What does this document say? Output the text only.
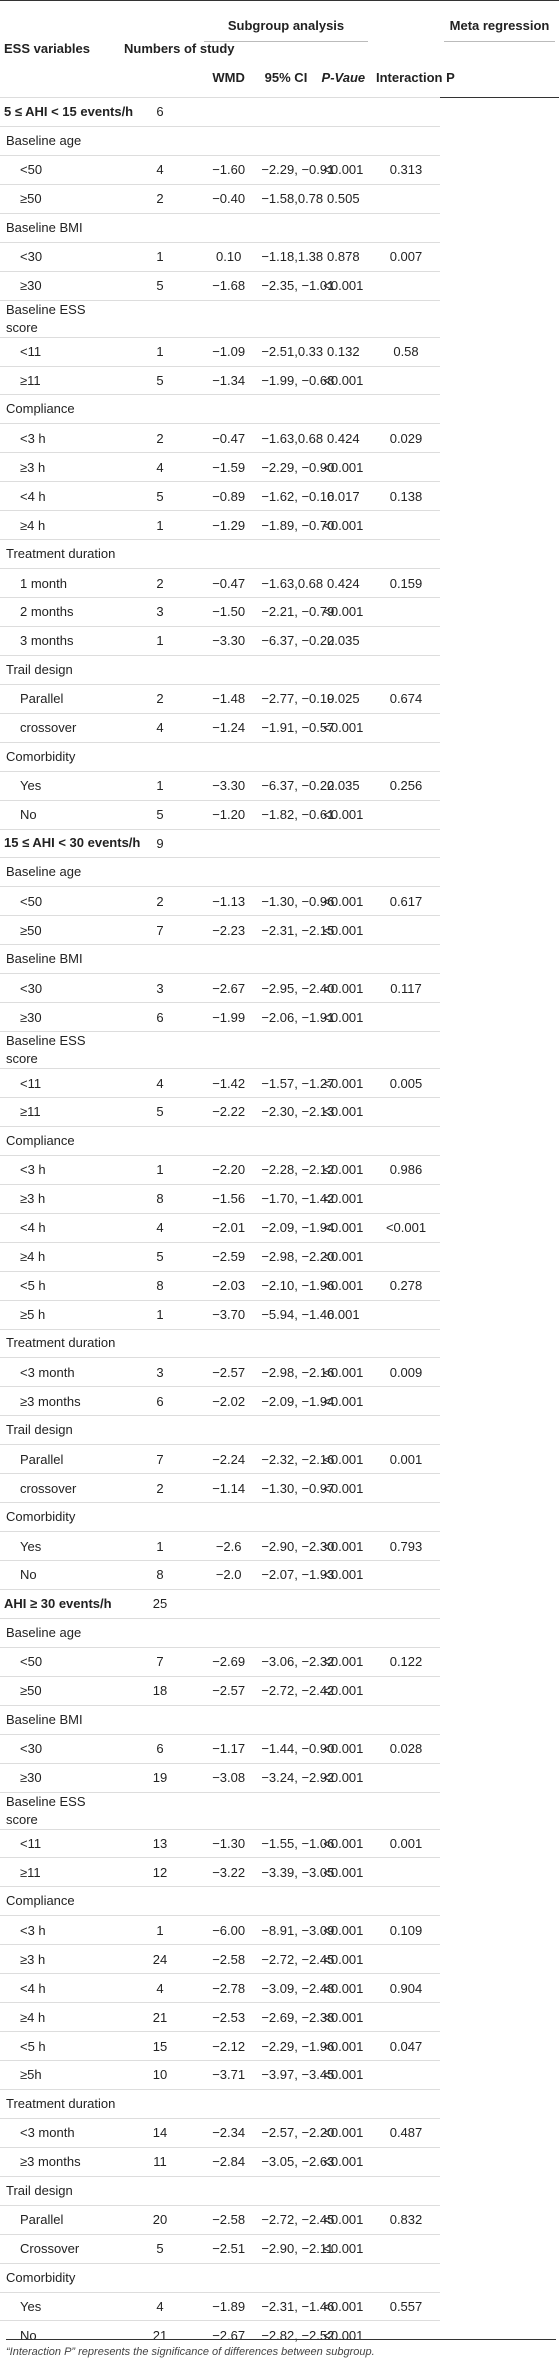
ESS variables	Numbers of study	Subgroup analysis				Meta regression

		WMD	95% CI	P-Vaue	Interaction P	
5 ≤ AHI < 15 events/h	6					
Baseline age						
<50	4	−1.60	−2.29, −0.91	<0.001	0.313	
≥50	2	−0.40	−1.58,0.78	0.505		
Baseline BMI						
<30	1	0.10	−1.18,1.38	0.878	0.007	
≥30	5	−1.68	−2.35, −1.01	<0.001		
Baseline ESS score						
<11	1	−1.09	−2.51,0.33	0.132	0.58	
≥11	5	−1.34	−1.99, −0.68	<0.001		
Compliance						
<3 h	2	−0.47	−1.63,0.68	0.424	0.029	
≥3 h	4	−1.59	−2.29, −0.90	<0.001		
<4 h	5	−0.89	−1.62, −0.16	0.017	0.138	
≥4 h	1	−1.29	−1.89, −0.70	<0.001		
Treatment duration						
1 month	2	−0.47	−1.63,0.68	0.424	0.159	
2 months	3	−1.50	−2.21, −0.79	<0.001		
3 months	1	−3.30	−6.37, −0.22	0.035		
Trail design						
Parallel	2	−1.48	−2.77, −0.19	0.025	0.674	
crossover	4	−1.24	−1.91, −0.57	<0.001		
Comorbidity						
Yes	1	−3.30	−6.37, −0.22	0.035	0.256	
No	5	−1.20	−1.82, −0.61	<0.001		
15 ≤ AHI < 30 events/h	9					
Baseline age						
<50	2	−1.13	−1.30, −0.96	<0.001	0.617	
≥50	7	−2.23	−2.31, −2.15	<0.001		
Baseline BMI						
<30	3	−2.67	−2.95, −2.40	<0.001	0.117	
≥30	6	−1.99	−2.06, −1.91	<0.001		
Baseline ESS score						
<11	4	−1.42	−1.57, −1.27	<0.001	0.005	
≥11	5	−2.22	−2.30, −2.13	<0.001		
Compliance						
<3 h	1	−2.20	−2.28, −2.12	<0.001	0.986	
≥3 h	8	−1.56	−1.70, −1.42	<0.001		
<4 h	4	−2.01	−2.09, −1.94	<0.001	<0.001	
≥4 h	5	−2.59	−2.98, −2.20	<0.001		
<5 h	8	−2.03	−2.10, −1.96	<0.001	0.278	
≥5 h	1	−3.70	−5.94, −1.46	0.001		
Treatment duration						
<3 month	3	−2.57	−2.98, −2.16	<0.001	0.009	
≥3 months	6	−2.02	−2.09, −1.94	<0.001		
Trail design						
Parallel	7	−2.24	−2.32, −2.16	<0.001	0.001	
crossover	2	−1.14	−1.30, −0.97	<0.001		
Comorbidity						
Yes	1	−2.6	−2.90, −2.30	<0.001	0.793	
No	8	−2.0	−2.07, −1.93	<0.001		
AHI ≥ 30 events/h	25					
Baseline age						
<50	7	−2.69	−3.06, −2.32	<0.001	0.122	
≥50	18	−2.57	−2.72, −2.42	<0.001		
Baseline BMI						
<30	6	−1.17	−1.44, −0.90	<0.001	0.028	
≥30	19	−3.08	−3.24, −2.92	<0.001		
Baseline ESS score						
<11	13	−1.30	−1.55, −1.06	<0.001	0.001	
≥11	12	−3.22	−3.39, −3.05	<0.001		
Compliance						
<3 h	1	−6.00	−8.91, −3.09	<0.001	0.109	
≥3 h	24	−2.58	−2.72, −2.45	<0.001		
<4 h	4	−2.78	−3.09, −2.48	<0.001	0.904	
≥4 h	21	−2.53	−2.69, −2.38	<0.001		
<5 h	15	−2.12	−2.29, −1.96	<0.001	0.047	
≥5h	10	−3.71	−3.97, −3.45	<0.001		
Treatment duration						
<3 month	14	−2.34	−2.57, −2.20	<0.001	0.487	
≥3 months	11	−2.84	−3.05, −2.63	<0.001		
Trail design						
Parallel	20	−2.58	−2.72, −2.45	<0.001	0.832	
Crossover	5	−2.51	−2.90, −2.11	<0.001		
Comorbidity						
Yes	4	−1.89	−2.31, −1.46	<0.001	0.557	
No	21	−2.67	−2.82, −2.52	<0.001		
“Interaction P” represents the significance of differences between subgroup.
